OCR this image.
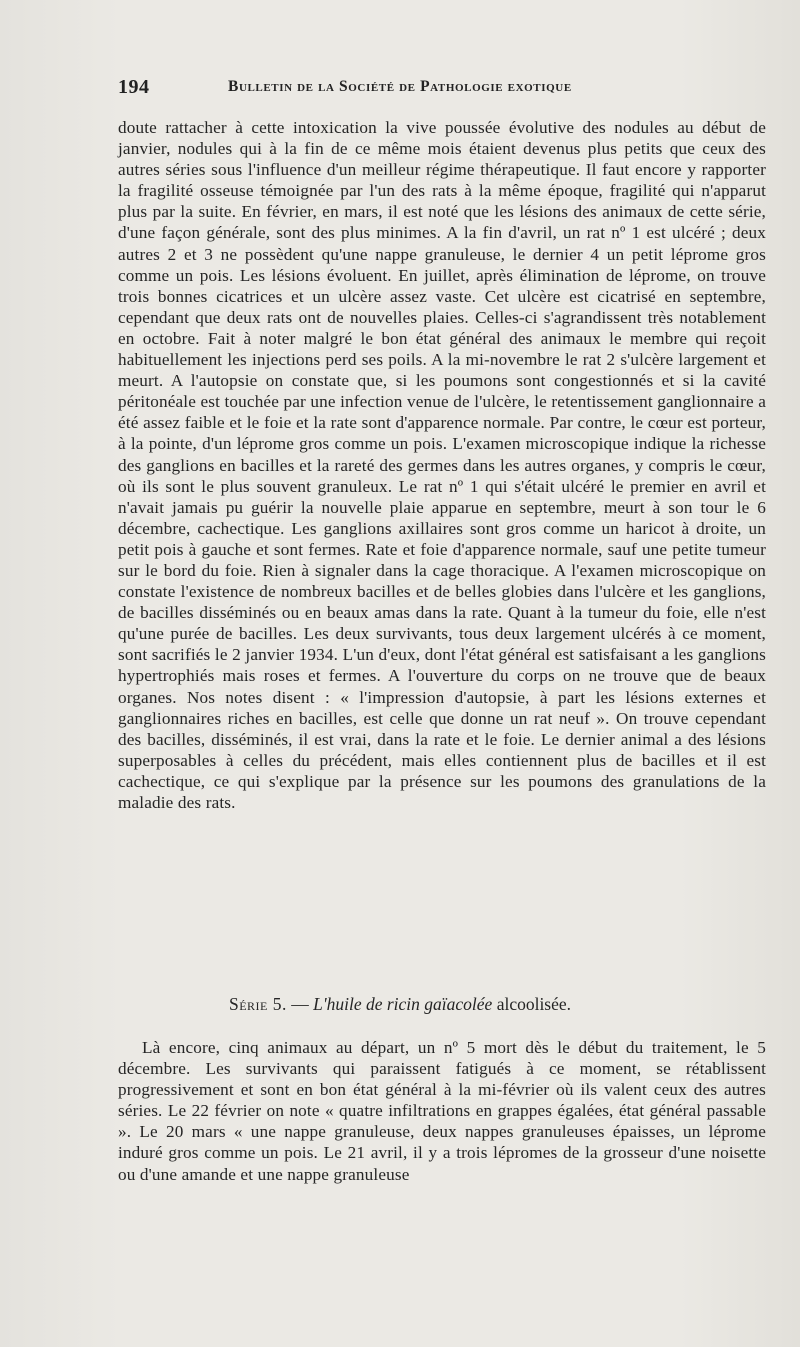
194	Bulletin de la Société de Pathologie exotique

doute rattacher à cette intoxication la vive poussée évolutive des nodules au début de janvier, nodules qui à la fin de ce même mois étaient devenus plus petits que ceux des autres séries sous l'influence d'un meilleur régime thérapeutique. Il faut encore y rapporter la fragilité osseuse témoignée par l'un des rats à la même époque, fragilité qui n'apparut plus par la suite. En février, en mars, il est noté que les lésions des animaux de cette série, d'une façon générale, sont des plus minimes. A la fin d'avril, un rat nº 1 est ulcéré ; deux autres 2 et 3 ne possèdent qu'une nappe granuleuse, le dernier 4 un petit léprome gros comme un pois. Les lésions évoluent. En juillet, après élimination de léprome, on trouve trois bonnes cicatrices et un ulcère assez vaste. Cet ulcère est cicatrisé en septembre, cependant que deux rats ont de nouvelles plaies. Celles-ci s'agrandissent très notablement en octobre. Fait à noter malgré le bon état général des animaux le membre qui reçoit habituellement les injections perd ses poils. A la mi-novembre le rat 2 s'ulcère largement et meurt. A l'autopsie on constate que, si les poumons sont congestionnés et si la cavité péritonéale est touchée par une infection venue de l'ulcère, le retentissement ganglionnaire a été assez faible et le foie et la rate sont d'apparence normale. Par contre, le cœur est porteur, à la pointe, d'un léprome gros comme un pois. L'examen microscopique indique la richesse des ganglions en bacilles et la rareté des germes dans les autres organes, y compris le cœur, où ils sont le plus souvent granuleux. Le rat nº 1 qui s'était ulcéré le premier en avril et n'avait jamais pu guérir la nouvelle plaie apparue en septembre, meurt à son tour le 6 décembre, cachectique. Les ganglions axillaires sont gros comme un haricot à droite, un petit pois à gauche et sont fermes. Rate et foie d'apparence normale, sauf une petite tumeur sur le bord du foie. Rien à signaler dans la cage thoracique. A l'examen microscopique on constate l'existence de nombreux bacilles et de belles globies dans l'ulcère et les ganglions, de bacilles disséminés ou en beaux amas dans la rate. Quant à la tumeur du foie, elle n'est qu'une purée de bacilles. Les deux survivants, tous deux largement ulcérés à ce moment, sont sacrifiés le 2 janvier 1934. L'un d'eux, dont l'état général est satisfaisant a les ganglions hypertrophiés mais roses et fermes. A l'ouverture du corps on ne trouve que de beaux organes. Nos notes disent : « l'impression d'autopsie, à part les lésions externes et ganglionnaires riches en bacilles, est celle que donne un rat neuf ». On trouve cependant des bacilles, disséminés, il est vrai, dans la rate et le foie. Le dernier animal a des lésions superposables à celles du précédent, mais elles contiennent plus de bacilles et il est cachectique, ce qui s'explique par la présence sur les poumons des granulations de la maladie des rats.

Série 5. — L'huile de ricin gaïacolée alcoolisée.

Là encore, cinq animaux au départ, un nº 5 mort dès le début du traitement, le 5 décembre. Les survivants qui paraissent fatigués à ce moment, se rétablissent progressivement et sont en bon état général à la mi-février où ils valent ceux des autres séries. Le 22 février on note « quatre infiltrations en grappes égalées, état général passable ». Le 20 mars « une nappe granuleuse, deux nappes granuleuses épaisses, un léprome induré gros comme un pois. Le 21 avril, il y a trois lépromes de la grosseur d'une noisette ou d'une amande et une nappe granuleuse
